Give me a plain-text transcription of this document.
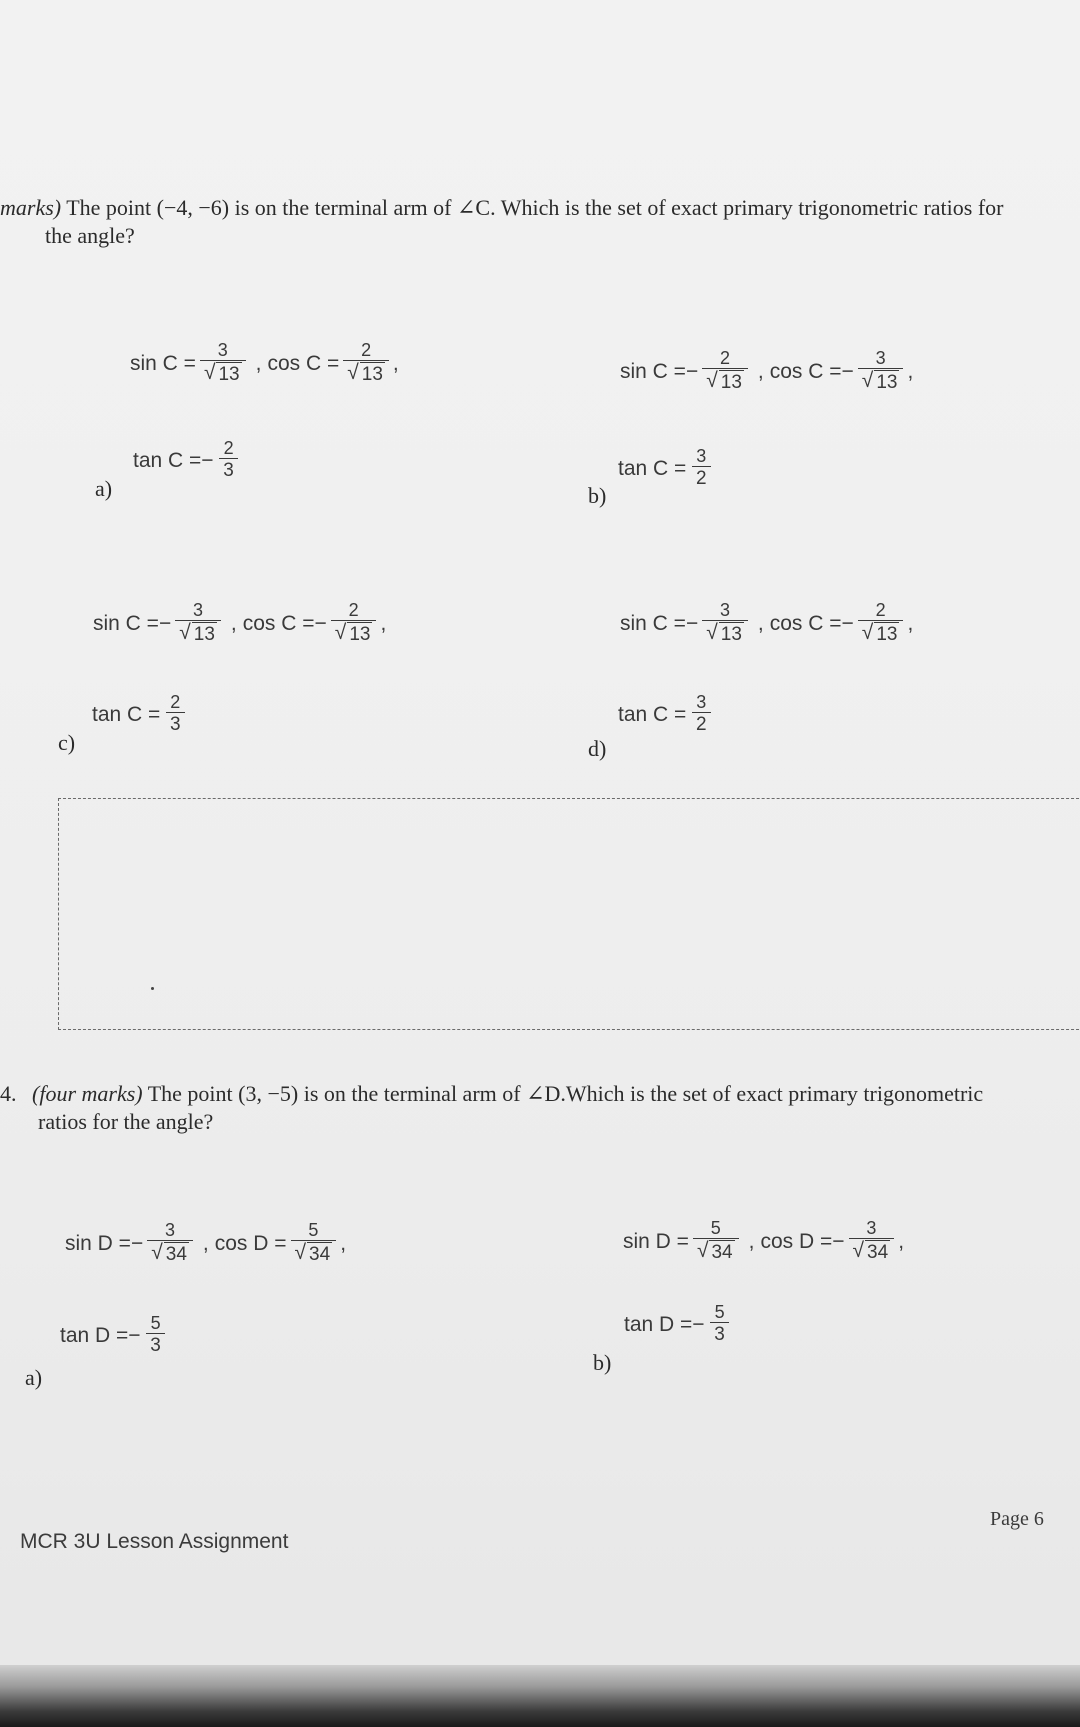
marks) The point (−4, −6) is on the terminal arm of ∠C. Which is the set of exact primary trigonometric ratios for
the angle?
$\sin C = \frac{3}{√ 13}$ , $\cos C = \frac{2}{√ 13}$ ,
tan C = − $\frac{2}{3}$
a)
sin C = − $\frac{2}{√ 13}$ , cos C = − $\frac{3}{√ 13}$ ,
$\tan C = \frac{3}{2}$
b)
sin C = − $\frac{3}{√ 13}$ , cos C = − $\frac{2}{√ 13}$ ,
$\tan C = \frac{2}{3}$
c)
sin C = − $\frac{3}{√ 13}$ , cos C = − $\frac{2}{√ 13}$ ,
$\tan C = \frac{3}{2}$
d)
4. (four marks) The point (3, −5) is on the terminal arm of ∠D.Which is the set of exact primary trigonometric
ratios for the angle?
sin D = − $\frac{3}{√ 34}$ , $\cos D = \frac{5}{√ 34}$ ,
tan D = − $\frac{5}{3}$
a)
$\sin D = \frac{5}{√ 34}$ , cos D = − $\frac{3}{√ 34}$ ,
tan D = − $\frac{5}{3}$
b)
MCR 3U Lesson Assignment
Page 6
